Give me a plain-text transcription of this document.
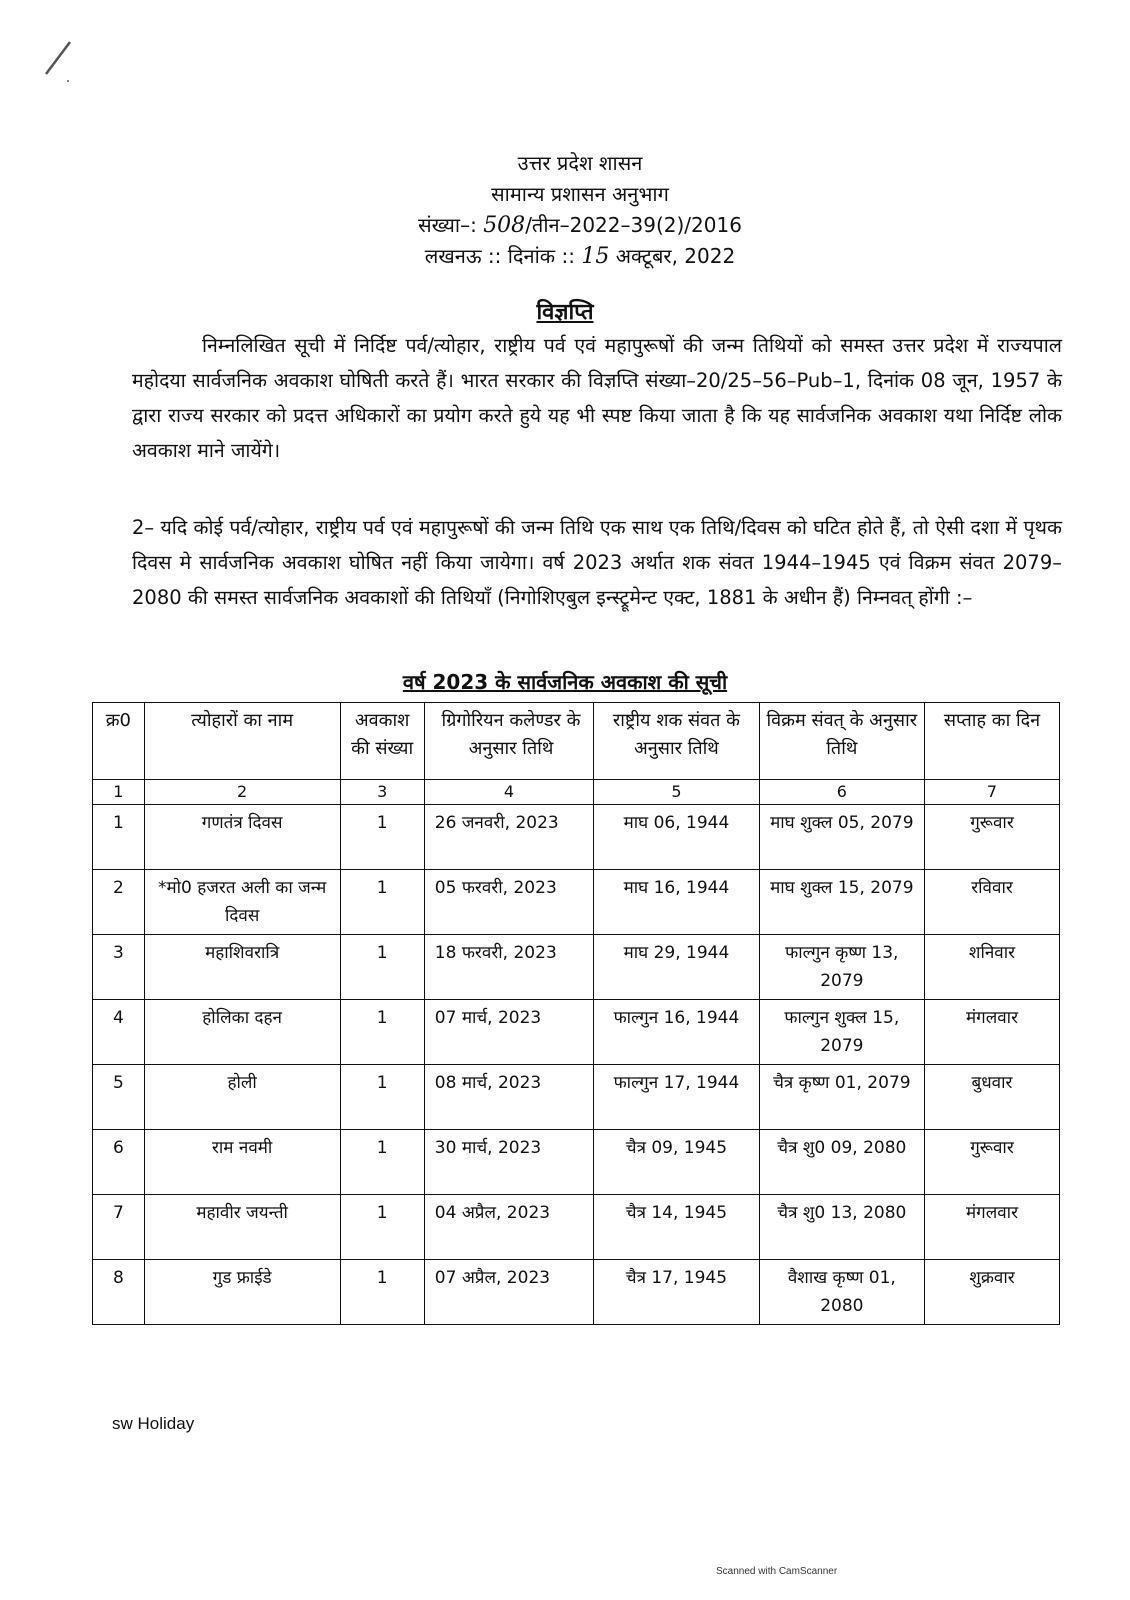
उत्तर प्रदेश शासन
सामान्य प्रशासन अनुभाग
संख्या–: 508/तीन–2022–39(2)/2016
लखनऊ :: दिनांक :: 15 अक्टूबर, 2022
विज्ञप्ति

निम्नलिखित सूची में निर्दिष्ट पर्व/त्योहार, राष्ट्रीय पर्व एवं महापुरूषों की जन्म तिथियों को समस्त उत्तर प्रदेश में राज्यपाल महोदया सार्वजनिक अवकाश घोषिती करते हैं। भारत सरकार की विज्ञप्ति संख्या–20/25–56–Pub–1, दिनांक 08 जून, 1957 के द्वारा राज्य सरकार को प्रदत्त अधिकारों का प्रयोग करते हुये यह भी स्पष्ट किया जाता है कि यह सार्वजनिक अवकाश यथा निर्दिष्ट लोक अवकाश माने जायेंगे।

2– यदि कोई पर्व/त्योहार, राष्ट्रीय पर्व एवं महापुरूषों की जन्म तिथि एक साथ एक तिथि/दिवस को घटित होते हैं, तो ऐसी दशा में पृथक दिवस मे सार्वजनिक अवकाश घोषित नहीं किया जायेगा। वर्ष 2023 अर्थात शक संवत 1944–1945 एवं विक्रम संवत 2079–2080 की समस्त सार्वजनिक अवकाशों की तिथियाँ (निगोशिएबुल इन्स्ट्रूमेन्ट एक्ट, 1881 के अधीन हैं) निम्नवत् होंगी :–

वर्ष 2023 के सार्वजनिक अवकाश की सूची
क्र0	त्योहारों का नाम	अवकाश की संख्या	ग्रिगोरियन कलेण्डर के अनुसार तिथि	राष्ट्रीय शक संवत के अनुसार तिथि	विक्रम संवत् के अनुसार तिथि	सप्ताह का दिन
1	2	3	4	5	6	7
1	गणतंत्र दिवस	1	26 जनवरी, 2023	माघ 06, 1944	माघ शुक्ल 05, 2079	गुरूवार
2	*मो0 हजरत अली का जन्म दिवस	1	05 फरवरी, 2023	माघ 16, 1944	माघ शुक्ल 15, 2079	रविवार
3	महाशिवरात्रि	1	18 फरवरी, 2023	माघ 29, 1944	फाल्गुन कृष्ण 13, 2079	शनिवार
4	होलिका दहन	1	07 मार्च, 2023	फाल्गुन 16, 1944	फाल्गुन शुक्ल 15, 2079	मंगलवार
5	होली	1	08 मार्च, 2023	फाल्गुन 17, 1944	चैत्र कृष्ण 01, 2079	बुधवार
6	राम नवमी	1	30 मार्च, 2023	चैत्र 09, 1945	चैत्र शु0 09, 2080	गुरूवार
7	महावीर जयन्ती	1	04 अप्रैल, 2023	चैत्र 14, 1945	चैत्र शु0 13, 2080	मंगलवार
8	गुड फ्राईडे	1	07 अप्रैल, 2023	चैत्र 17, 1945	वैशाख कृष्ण 01, 2080	शुक्रवार
sw Holiday
Scanned with CamScanner
